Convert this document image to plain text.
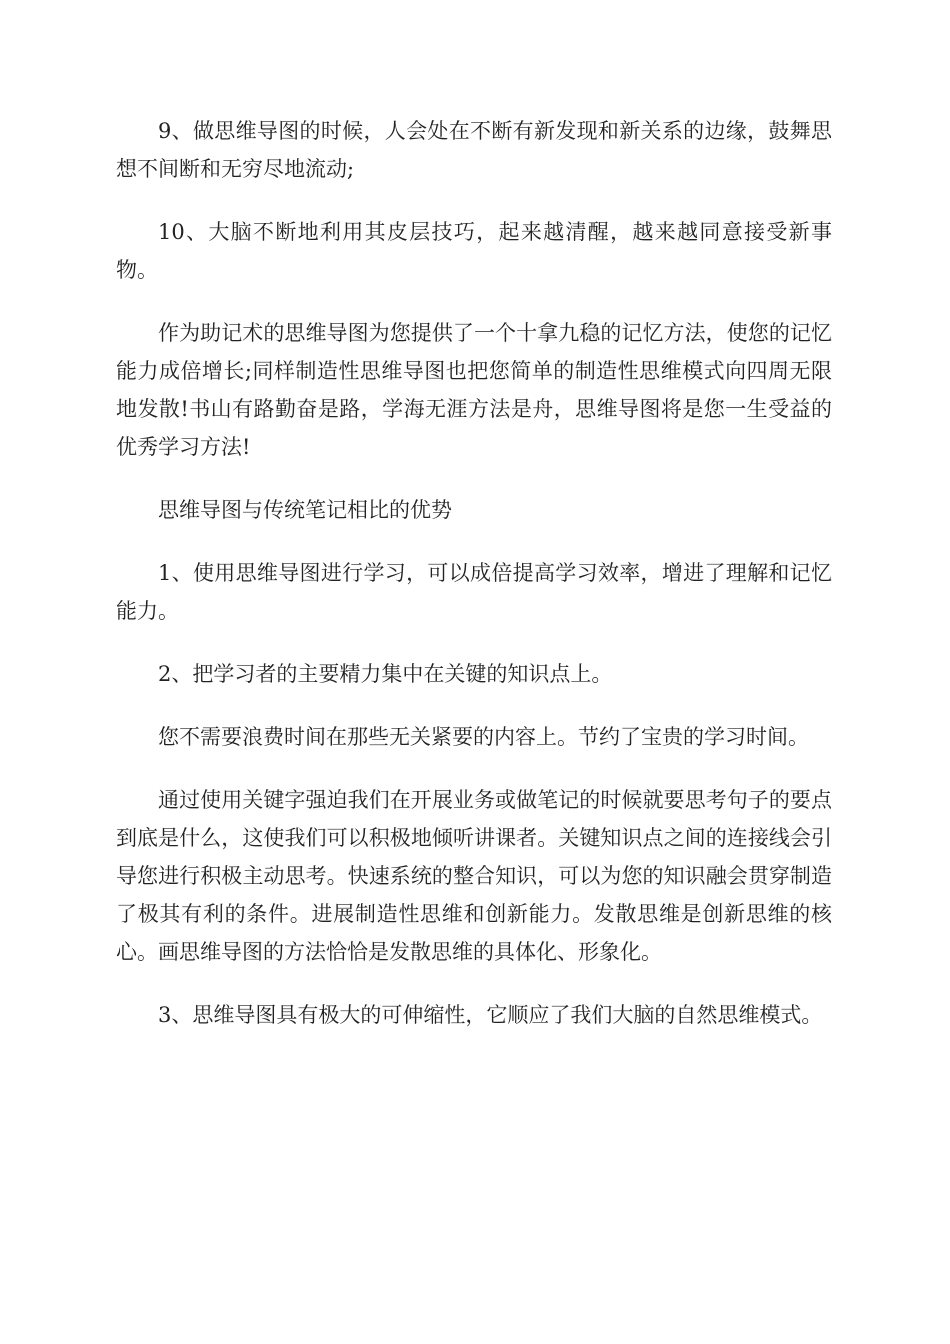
9、做思维导图的时候，人会处在不断有新发现和新关系的边缘，鼓舞思想不间断和无穷尽地流动;

10、大脑不断地利用其皮层技巧，起来越清醒，越来越同意接受新事物。

作为助记术的思维导图为您提供了一个十拿九稳的记忆方法，使您的记忆能力成倍增长;同样制造性思维导图也把您简单的制造性思维模式向四周无限地发散!书山有路勤奋是路，学海无涯方法是舟，思维导图将是您一生受益的优秀学习方法!

思维导图与传统笔记相比的优势

1、使用思维导图进行学习，可以成倍提高学习效率，增进了理解和记忆能力。

2、把学习者的主要精力集中在关键的知识点上。

您不需要浪费时间在那些无关紧要的内容上。节约了宝贵的学习时间。

通过使用关键字强迫我们在开展业务或做笔记的时候就要思考句子的要点到底是什么，这使我们可以积极地倾听讲课者。关键知识点之间的连接线会引导您进行积极主动思考。快速系统的整合知识，可以为您的知识融会贯穿制造了极其有利的条件。进展制造性思维和创新能力。发散思维是创新思维的核心。画思维导图的方法恰恰是发散思维的具体化、形象化。

3、思维导图具有极大的可伸缩性，它顺应了我们大脑的自然思维模式。
